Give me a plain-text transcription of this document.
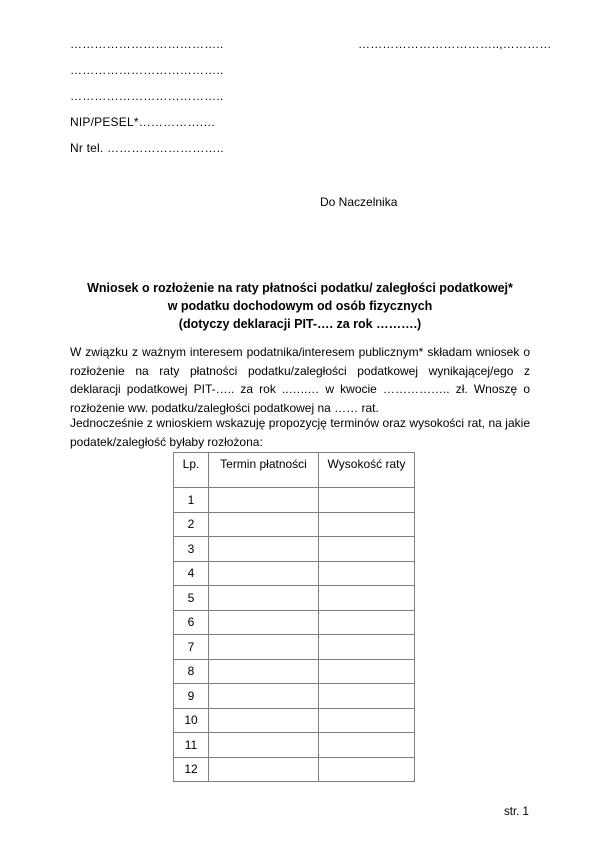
………………………………..
………………………………..
………………………………..
NIP/PESEL*…………….…
Nr tel. ………………………..
……………………………..,…………
Do Naczelnika
Wniosek o rozłożenie na raty płatności podatku/ zaległości podatkowej*
w podatku dochodowym od osób fizycznych
(dotyczy deklaracji PIT-…. za rok ……….)

W związku z ważnym interesem podatnika/interesem publicznym* składam wniosek o rozłożenie na raty płatności podatku/zaległości podatkowej wynikającej/ego z deklaracji podatkowej PIT-….. za rok ..…..… w kwocie …………….. zł. Wnoszę o rozłożenie ww. podatku/zaległości podatkowej na …… rat.

Jednocześnie z wnioskiem wskazuję propozycję terminów oraz wysokości rat, na jakie podatek/zaległość byłaby rozłożona:

Lp.	Termin płatności	Wysokość raty
1		
2		
3		
4		
5		
6		
7		
8		
9		
10		
11		
12		
str. 1
